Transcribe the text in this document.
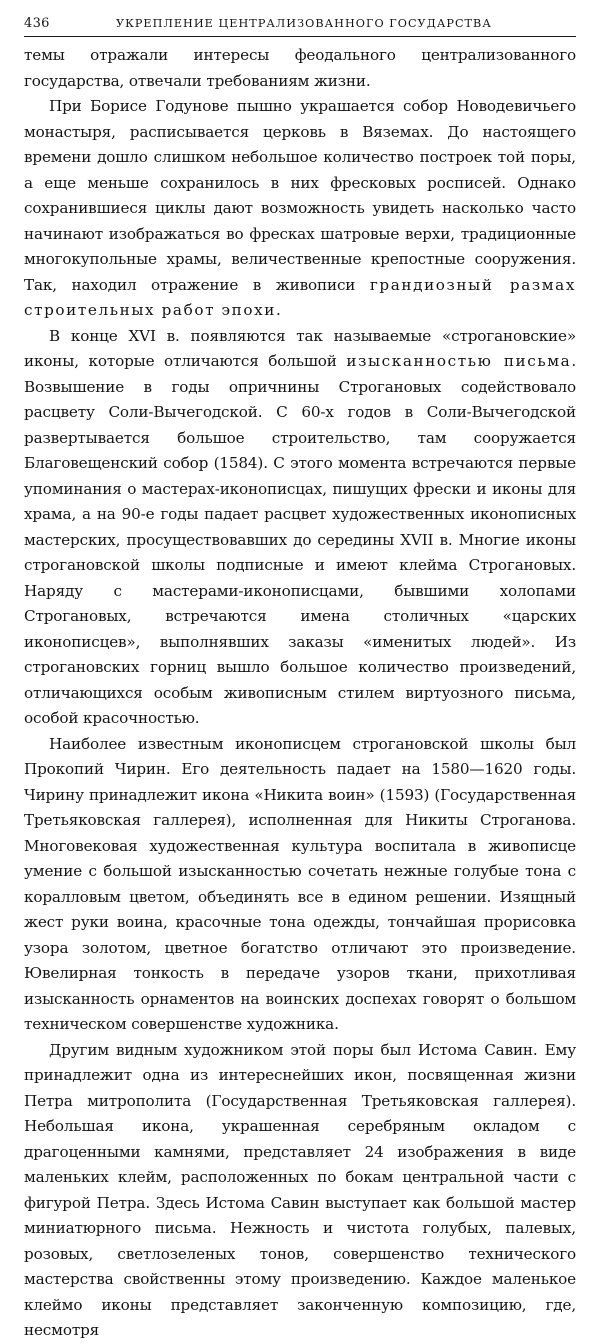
436	УКРЕПЛЕНИЕ ЦЕНТРАЛИЗОВАННОГО ГОСУДАРСТВА

темы отражали интересы феодального централизованного государства, отвечали требованиям жизни.

При Борисе Годунове пышно украшается собор Новодевичьего монастыря, расписывается церковь в Вяземах. До настоящего времени дошло слишком небольшое количество построек той поры, а еще меньше сохранилось в них фресковых росписей. Однако сохранившиеся циклы дают возможность увидеть насколько часто начинают изображаться во фресках шатровые верхи, традиционные многокупольные храмы, величественные крепостные сооружения. Так, находил отражение в живописи грандиозный размах строительных работ эпохи.

В конце XVI в. появляются так называемые «строгановские» иконы, которые отличаются большой изысканностью письма. Возвышение в годы опричнины Строгановых содействовало расцвету Соли-Вычегодской. С 60-х годов в Соли-Вычегодской развертывается большое строительство, там сооружается Благовещенский собор (1584). С этого момента встречаются первые упоминания о мастерах-иконописцах, пишущих фрески и иконы для храма, а на 90-е годы падает расцвет художественных иконописных мастерских, просуществовавших до середины XVII в. Многие иконы строгановской школы подписные и имеют клейма Строгановых. Наряду с мастерами-иконописцами, бывшими холопами Строгановых, встречаются имена столичных «царских иконописцев», выполнявших заказы «именитых людей». Из строгановских горниц вышло большое количество произведений, отличающихся особым живописным стилем виртуозного письма, особой красочностью.

Наиболее известным иконописцем строгановской школы был Прокопий Чирин. Его деятельность падает на 1580—1620 годы. Чирину принадлежит икона «Никита воин» (1593) (Государственная Третьяковская галлерея), исполненная для Никиты Строганова. Многовековая художественная культура воспитала в живописце умение с большой изысканностью сочетать нежные голубые тона с коралловым цветом, объединять все в едином решении. Изящный жест руки воина, красочные тона одежды, тончайшая прорисовка узора золотом, цветное богатство отличают это произведение. Ювелирная тонкость в передаче узоров ткани, прихотливая изысканность орнаментов на воинских доспехах говорят о большом техническом совершенстве художника.

Другим видным художником этой поры был Истома Савин. Ему принадлежит одна из интереснейших икон, посвященная жизни Петра митрополита (Государственная Третьяковская галлерея). Небольшая икона, украшенная серебряным окладом с драгоценными камнями, представляет 24 изображения в виде маленьких клейм, расположенных по бокам центральной части с фигурой Петра. Здесь Истома Савин выступает как большой мастер миниатюрного письма. Нежность и чистота голубых, палевых, розовых, светлозеленых тонов, совершенство технического мастерства свойственны этому произведению. Каждое маленькое клеймо иконы представляет законченную композицию, где, несмотря
